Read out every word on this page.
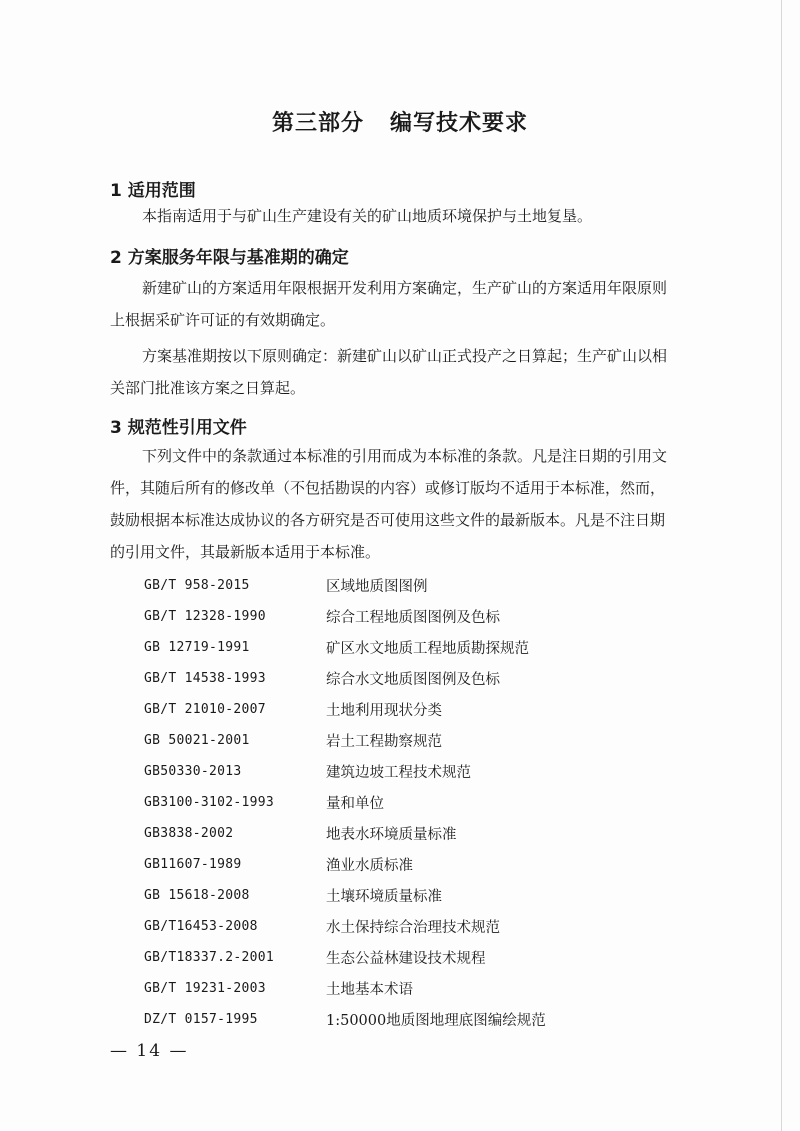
第三部分   编写技术要求
1 适用范围
本指南适用于与矿山生产建设有关的矿山地质环境保护与土地复垦。
2 方案服务年限与基准期的确定
新建矿山的方案适用年限根据开发利用方案确定，生产矿山的方案适用年限原则上根据采矿许可证的有效期确定。
方案基准期按以下原则确定：新建矿山以矿山正式投产之日算起；生产矿山以相关部门批准该方案之日算起。
3 规范性引用文件
下列文件中的条款通过本标准的引用而成为本标准的条款。凡是注日期的引用文件，其随后所有的修改单（不包括勘误的内容）或修订版均不适用于本标准，然而，鼓励根据本标准达成协议的各方研究是否可使用这些文件的最新版本。凡是不注日期的引用文件，其最新版本适用于本标准。
GB/T 958-2015	区域地质图图例
GB/T 12328-1990	综合工程地质图图例及色标
GB 12719-1991	矿区水文地质工程地质勘探规范
GB/T 14538-1993	综合水文地质图图例及色标
GB/T 21010-2007	土地利用现状分类
GB 50021-2001	岩土工程勘察规范
GB50330-2013	建筑边坡工程技术规范
GB3100-3102-1993	量和单位
GB3838-2002	地表水环境质量标准
GB11607-1989	渔业水质标准
GB 15618-2008	土壤环境质量标准
GB/T16453-2008	水土保持综合治理技术规范
GB/T18337.2-2001	生态公益林建设技术规程
GB/T 19231-2003	土地基本术语
DZ/T 0157-1995	1:50000地质图地理底图编绘规范
— 14 —
